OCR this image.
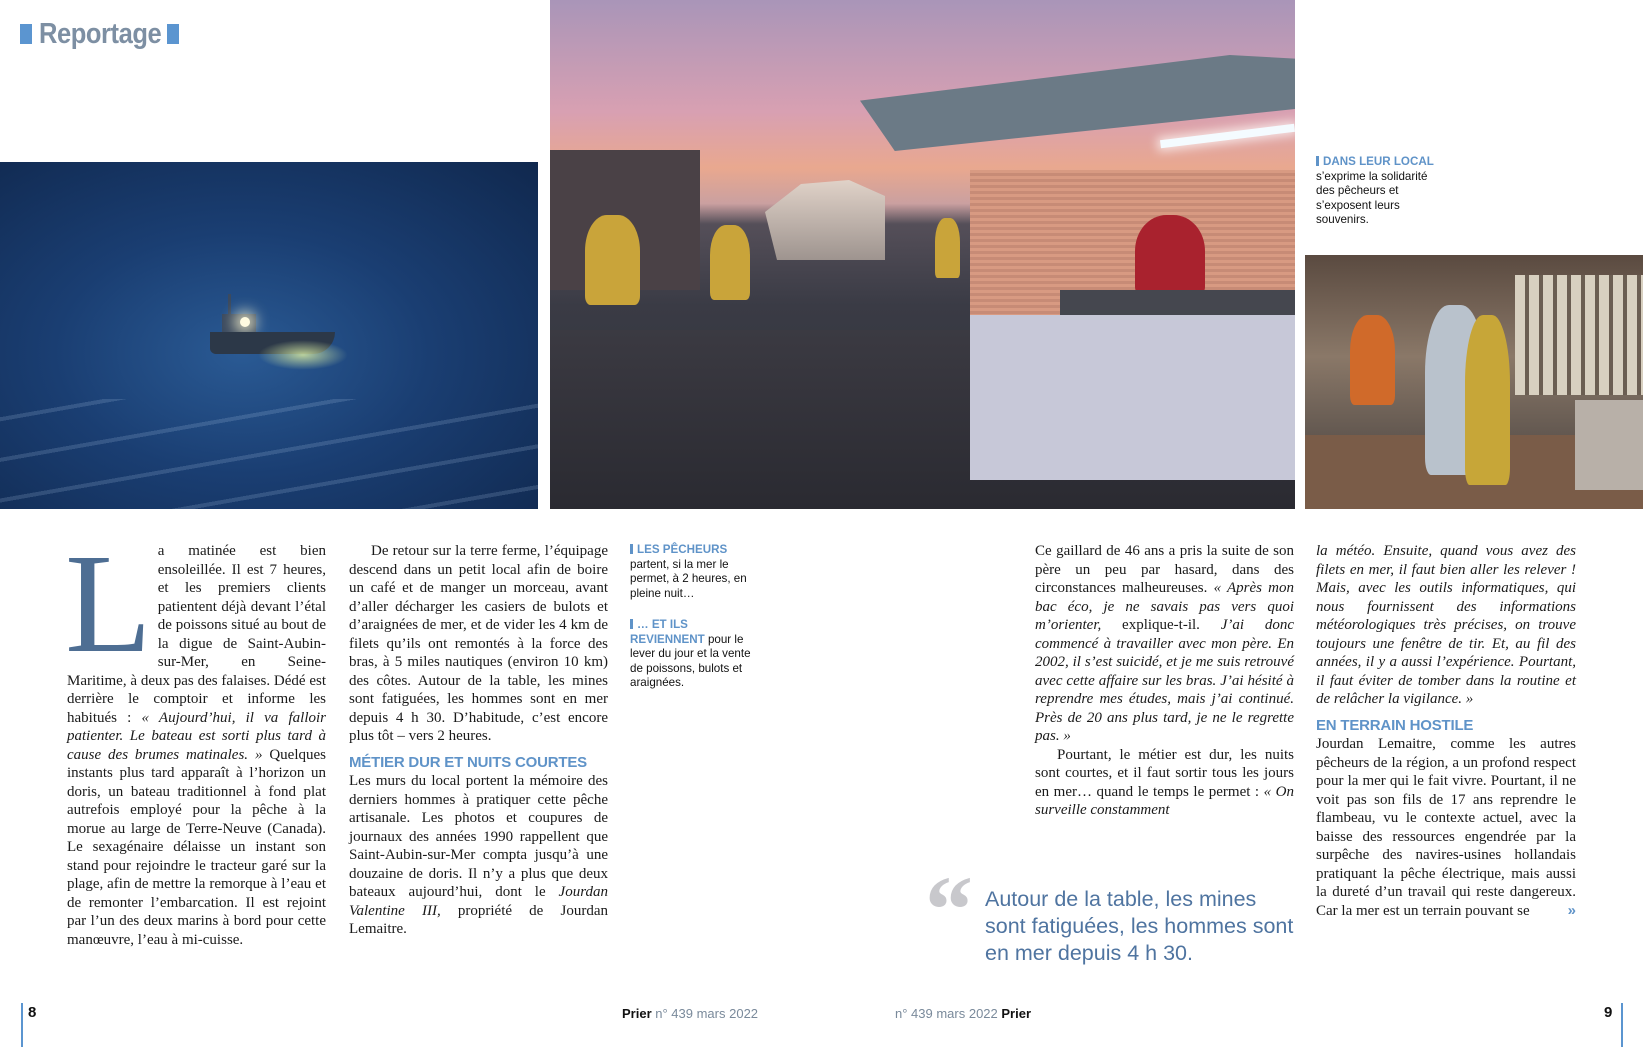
Reportage
DANS LEUR LOCAL s’exprime la solidarité des pêcheurs et s’exposent leurs souvenirs.
LES PÊCHEURS
partent, si la mer le permet, à 2 heures, en pleine nuit…
… ET ILS REVIENNENT pour le lever du jour et la vente de poissons, bulots et araignées.
L a matinée est bien ensoleillée. Il est 7 heures, et les premiers clients patientent déjà devant l’étal de poissons situé au bout de la digue de Saint-Aubin-sur-Mer, en Seine-Maritime, à deux pas des falaises. Dédé est derrière le comptoir et informe les habitués : « Aujourd’hui, il va falloir patienter. Le bateau est sorti plus tard à cause des brumes matinales. » Quelques instants plus tard apparaît à l’horizon un doris, un bateau traditionnel à fond plat autrefois employé pour la pêche à la morue au large de Terre-Neuve (Canada). Le sexagénaire délaisse un instant son stand pour rejoindre le tracteur garé sur la plage, afin de mettre la remorque à l’eau et de remonter l’embarcation. Il est rejoint par l’un des deux marins à bord pour cette manœuvre, l’eau à mi-cuisse.

De retour sur la terre ferme, l’équipage descend dans un petit local afin de boire un café et de manger un morceau, avant d’aller décharger les casiers de bulots et d’araignées de mer, et de vider les 4 km de filets qu’ils ont remontés à la force des bras, à 5 miles nautiques (environ 10 km) des côtes. Autour de la table, les mines sont fatiguées, les hommes sont en mer depuis 4 h 30. D’habitude, c’est encore plus tôt – vers 2 heures.

MÉTIER DUR ET NUITS COURTES

Les murs du local portent la mémoire des derniers hommes à pratiquer cette pêche artisanale. Les photos et coupures de journaux des années 1990 rappellent que Saint-Aubin-sur-Mer compta jusqu’à une douzaine de doris. Il n’y a plus que deux bateaux aujourd’hui, dont le Jourdan Valentine III, propriété de Jourdan Lemaitre.

Ce gaillard de 46 ans a pris la suite de son père un peu par hasard, dans des circonstances malheureuses. « Après mon bac éco, je ne savais pas vers quoi m’orienter, explique-t-il. J’ai donc commencé à travailler avec mon père. En 2002, il s’est suicidé, et je me suis retrouvé avec cette affaire sur les bras. J’ai hésité à reprendre mes études, mais j’ai continué. Près de 20 ans plus tard, je ne le regrette pas. »

Pourtant, le métier est dur, les nuits sont courtes, et il faut sortir tous les jours en mer… quand le temps le permet : « On surveille constamment

“ Autour de la table, les mines sont fatiguées, les hommes sont en mer depuis 4 h 30.

la météo. Ensuite, quand vous avez des filets en mer, il faut bien aller les relever ! Mais, avec les outils informatiques, qui nous fournissent des informations météorologiques très précises, on trouve toujours une fenêtre de tir. Et, au fil des années, il y a aussi l’expérience. Pourtant, il faut éviter de tomber dans la routine et de relâcher la vigilance. »

EN TERRAIN HOSTILE

Jourdan Lemaitre, comme les autres pêcheurs de la région, a un profond respect pour la mer qui le fait vivre. Pourtant, il ne voit pas son fils de 17 ans reprendre le flambeau, vu le contexte actuel, avec la baisse des ressources engendrée par la surpêche des navires-usines hollandais pratiquant la pêche électrique, mais aussi la dureté d’un travail qui reste dangereux. Car la mer est un terrain pouvant se	»

8	Prier n° 439 mars 2022	n° 439 mars 2022 Prier	9
